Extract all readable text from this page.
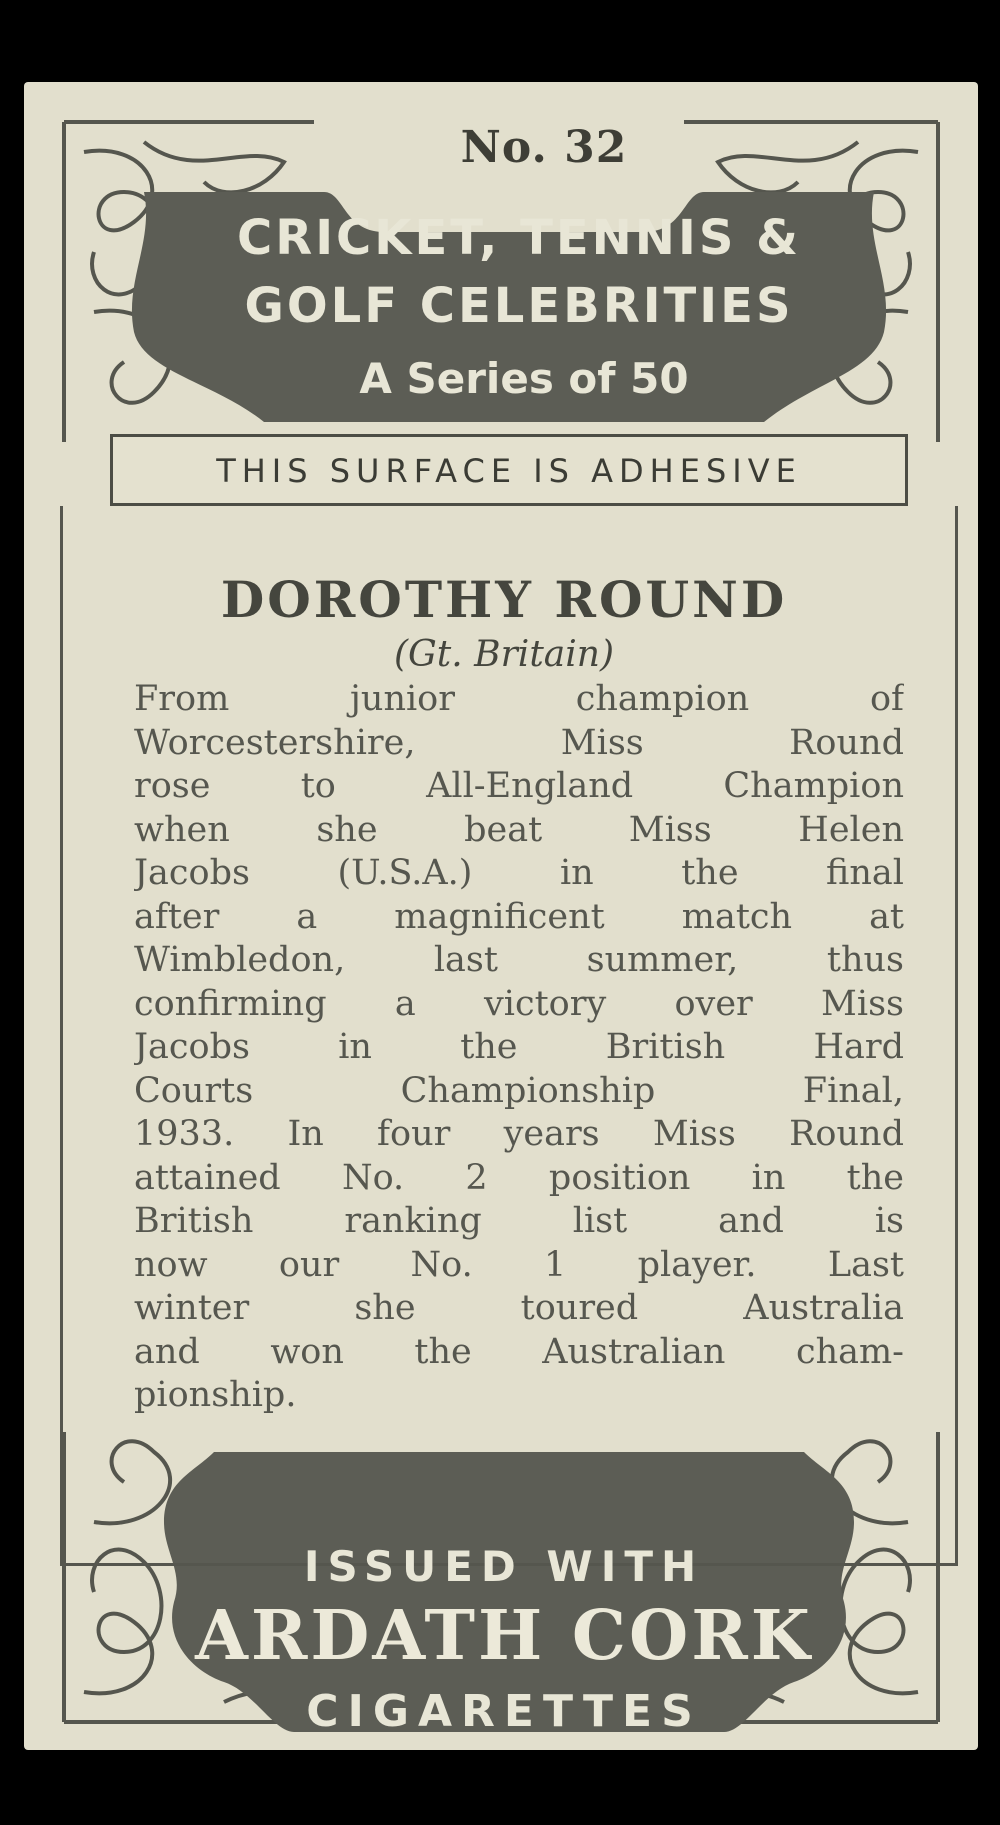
No. 32
CRICKET, TENNIS &
GOLF CELEBRITIES
A Series of 50
THIS SURFACE IS ADHESIVE
DOROTHY ROUND
(Gt. Britain)
From junior champion of
Worcestershire, Miss Round
rose to All-England Champion
when she beat Miss Helen
Jacobs (U.S.A.) in the final
after a magnificent match at
Wimbledon, last summer, thus
confirming a victory over Miss
Jacobs in the British Hard
Courts Championship Final,
1933. In four years Miss Round
attained No. 2 position in the
British ranking list and is
now our No. 1 player. Last
winter she toured Australia
and won the Australian cham-
pionship.
ISSUED WITH
ARDATH CORK
CIGARETTES
